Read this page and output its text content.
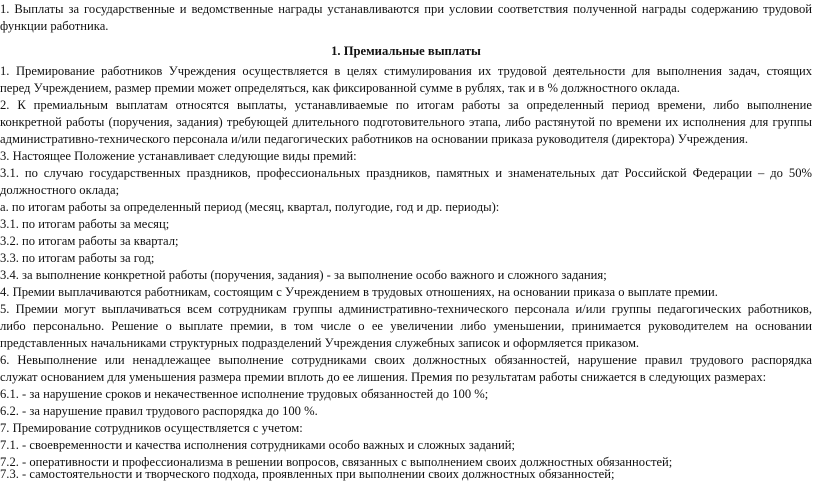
1. Выплаты за государственные и ведомственные награды устанавливаются при условии соответствия полученной награды содержанию трудовой
функции работника.
1. Премиальные выплаты
1. Премирование работников Учреждения осуществляется в целях стимулирования их трудовой деятельности для выполнения задач, стоящих
перед Учреждением, размер премии может определяться, как фиксированной сумме в рублях, так и в % должностного оклада.
2. К премиальным выплатам относятся выплаты, устанавливаемые по итогам работы за определенный период времени, либо выполнение
конкретной работы (поручения, задания) требующей длительного подготовительного этапа, либо растянутой по времени их исполнения для группы
административно-технического персонала и/или педагогических работников на основании приказа руководителя (директора) Учреждения.
3. Настоящее Положение устанавливает следующие виды премий:
3.1. по случаю государственных праздников, профессиональных праздников, памятных и знаменательных дат Российской Федерации – до 50%
должностного оклада;
а. по итогам работы за определенный период (месяц, квартал, полугодие, год и др. периоды):
3.1. по итогам работы за месяц;
3.2. по итогам работы за квартал;
3.3. по итогам работы за год;
3.4. за выполнение конкретной работы (поручения, задания) - за выполнение особо важного и сложного задания;
4. Премии выплачиваются работникам, состоящим с Учреждением в трудовых отношениях, на основании приказа о выплате премии.
5. Премии могут выплачиваться всем сотрудникам группы административно-технического персонала и/или группы педагогических работников,
либо персонально. Решение о выплате премии, в том числе о ее увеличении либо уменьшении, принимается руководителем на основании
представленных начальниками структурных подразделений Учреждения служебных записок и оформляется приказом.
6. Невыполнение или ненадлежащее выполнение сотрудниками своих должностных обязанностей, нарушение правил трудового распорядка
служат основанием для уменьшения размера премии вплоть до ее лишения. Премия по результатам работы снижается в следующих размерах:
6.1. - за нарушение сроков и некачественное исполнение трудовых обязанностей до 100 %;
6.2. - за нарушение правил трудового распорядка до 100 %.
7. Премирование сотрудников осуществляется с учетом:
7.1. - своевременности и качества исполнения сотрудниками особо важных и сложных заданий;
7.2. - оперативности и профессионализма в решении вопросов, связанных с выполнением своих должностных обязанностей;
7.3. - самостоятельности и творческого подхода, проявленных при выполнении своих должностных обязанностей;
